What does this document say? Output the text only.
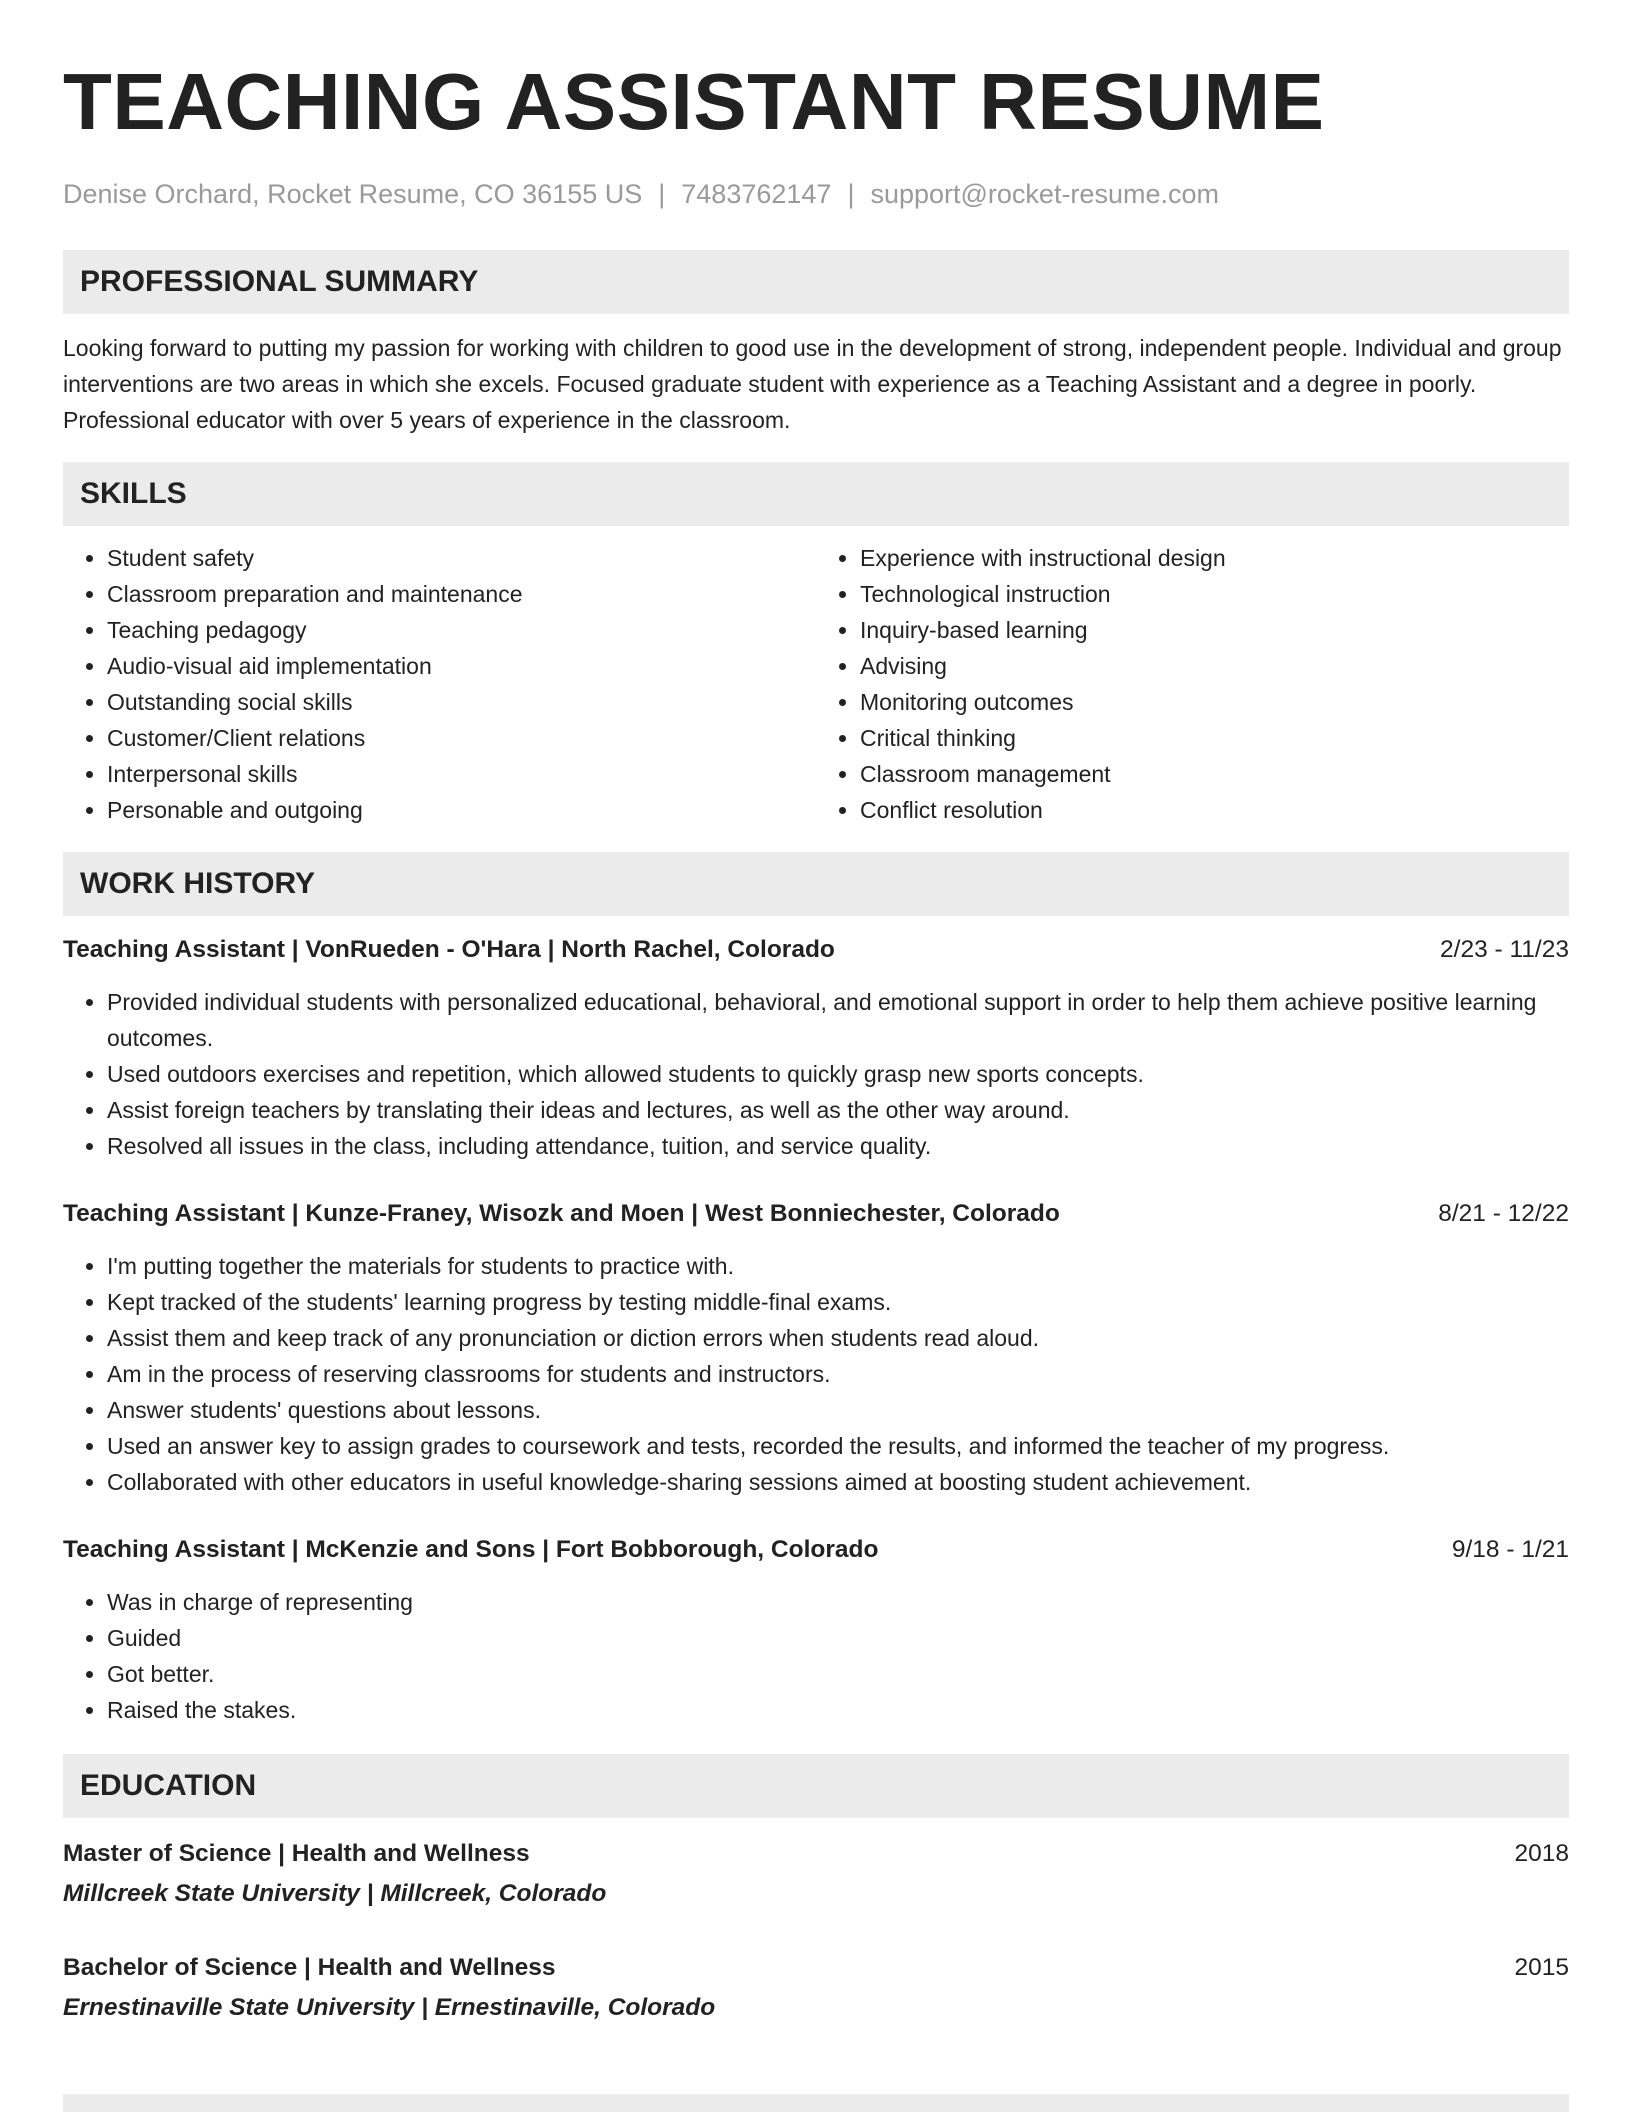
TEACHING ASSISTANT RESUME
Denise Orchard, Rocket Resume, CO 36155 US | 7483762147 | support@rocket-resume.com
PROFESSIONAL SUMMARY

Looking forward to putting my passion for working with children to good use in the development of strong, independent people. Individual and group interventions are two areas in which she excels. Focused graduate student with experience as a Teaching Assistant and a degree in poorly. Professional educator with over 5 years of experience in the classroom.

SKILLS
• Student safety
• Classroom preparation and maintenance
• Teaching pedagogy
• Audio-visual aid implementation
• Outstanding social skills
• Customer/Client relations
• Interpersonal skills
• Personable and outgoing
• Experience with instructional design
• Technological instruction
• Inquiry-based learning
• Advising
• Monitoring outcomes
• Critical thinking
• Classroom management
• Conflict resolution
WORK HISTORY
Teaching Assistant | VonRueden - O'Hara | North Rachel, Colorado	2/23 - 11/23
• Provided individual students with personalized educational, behavioral, and emotional support in order to help them achieve positive learning outcomes.
• Used outdoors exercises and repetition, which allowed students to quickly grasp new sports concepts.
• Assist foreign teachers by translating their ideas and lectures, as well as the other way around.
• Resolved all issues in the class, including attendance, tuition, and service quality.
Teaching Assistant | Kunze-Franey, Wisozk and Moen | West Bonniechester, Colorado	8/21 - 12/22
• I'm putting together the materials for students to practice with.
• Kept tracked of the students' learning progress by testing middle-final exams.
• Assist them and keep track of any pronunciation or diction errors when students read aloud.
• Am in the process of reserving classrooms for students and instructors.
• Answer students' questions about lessons.
• Used an answer key to assign grades to coursework and tests, recorded the results, and informed the teacher of my progress.
• Collaborated with other educators in useful knowledge-sharing sessions aimed at boosting student achievement.
Teaching Assistant | McKenzie and Sons | Fort Bobborough, Colorado	9/18 - 1/21
• Was in charge of representing
• Guided
• Got better.
• Raised the stakes.
EDUCATION
Master of Science | Health and Wellness	2018
Millcreek State University | Millcreek, Colorado
Bachelor of Science | Health and Wellness	2015
Ernestinaville State University | Ernestinaville, Colorado
